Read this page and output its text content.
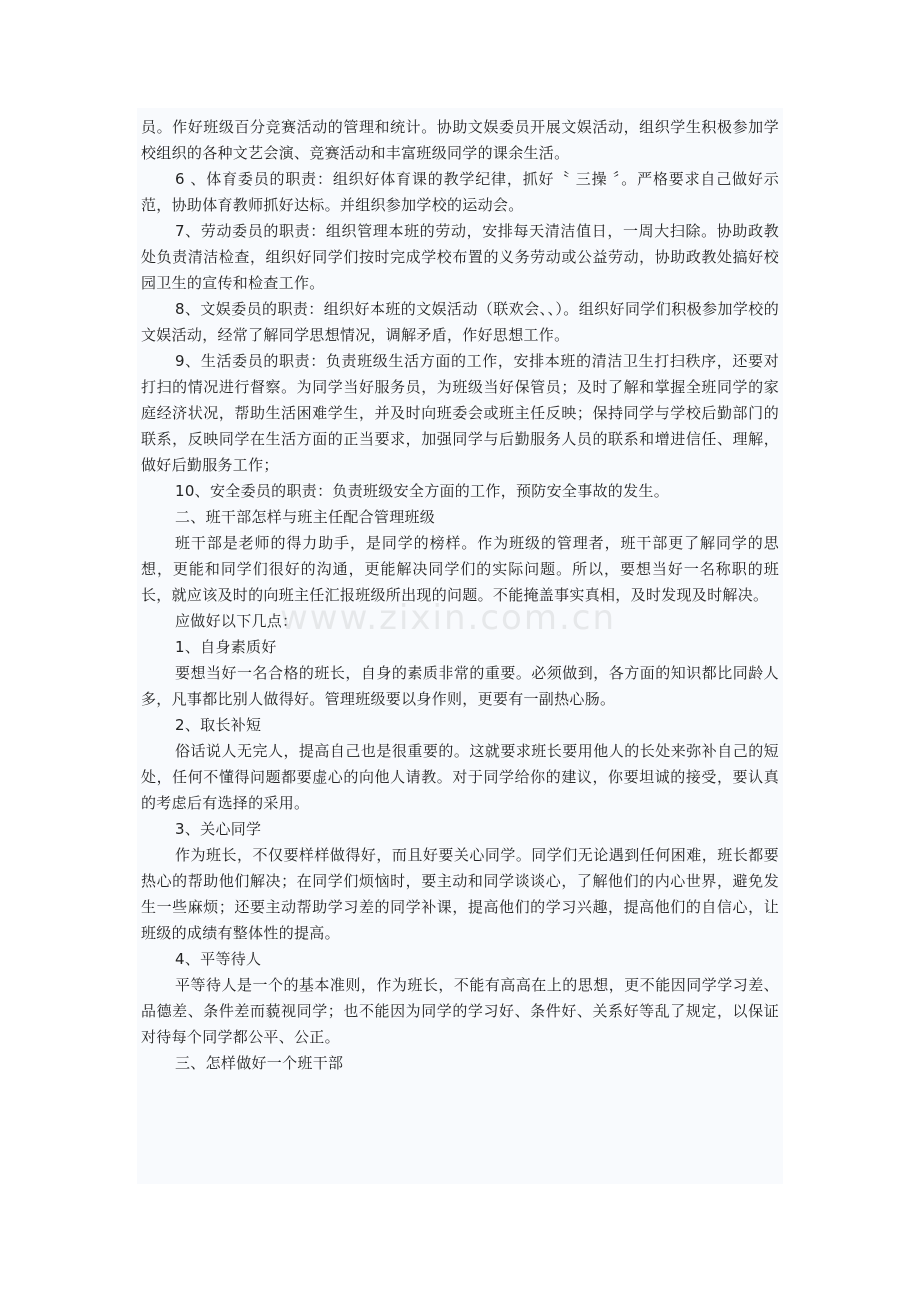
员。作好班级百分竞赛活动的管理和统计。协助文娱委员开展文娱活动，组织学生积极参加学校组织的各种文艺会演、竞赛活动和丰富班级同学的课余生活。

6 、体育委员的职责：组织好体育课的教学纪律，抓好〝 三操 〞。严格要求自己做好示范，协助体育教师抓好达标。并组织参加学校的运动会。

7、劳动委员的职责：组织管理本班的劳动，安排每天清洁值日，一周大扫除。协助政教处负责清洁检查，组织好同学们按时完成学校布置的义务劳动或公益劳动，协助政教处搞好校园卫生的宣传和检查工作。

8、文娱委员的职责：组织好本班的文娱活动（联欢会、、）。组织好同学们积极参加学校的文娱活动，经常了解同学思想情况，调解矛盾，作好思想工作。

9、生活委员的职责：负责班级生活方面的工作，安排本班的清洁卫生打扫秩序，还要对打扫的情况进行督察。为同学当好服务员，为班级当好保管员；及时了解和掌握全班同学的家庭经济状况，帮助生活困难学生，并及时向班委会或班主任反映；保持同学与学校后勤部门的联系，反映同学在生活方面的正当要求，加强同学与后勤服务人员的联系和增进信任、理解，做好后勤服务工作；

10、安全委员的职责：负责班级安全方面的工作，预防安全事故的发生。

二、班干部怎样与班主任配合管理班级

班干部是老师的得力助手，是同学的榜样。作为班级的管理者，班干部更了解同学的思想，更能和同学们很好的沟通，更能解决同学们的实际问题。所以，要想当好一名称职的班长，就应该及时的向班主任汇报班级所出现的问题。不能掩盖事实真相，及时发现及时解决。

应做好以下几点：

1、自身素质好

要想当好一名合格的班长，自身的素质非常的重要。必须做到，各方面的知识都比同龄人多，凡事都比别人做得好。管理班级要以身作则，更要有一副热心肠。

2、取长补短

俗话说人无完人，提高自己也是很重要的。这就要求班长要用他人的长处来弥补自己的短处，任何不懂得问题都要虚心的向他人请教。对于同学给你的建议，你要坦诚的接受，要认真的考虑后有选择的采用。

3、关心同学

作为班长，不仅要样样做得好，而且好要关心同学。同学们无论遇到任何困难，班长都要热心的帮助他们解决；在同学们烦恼时，要主动和同学谈谈心，了解他们的内心世界，避免发生一些麻烦；还要主动帮助学习差的同学补课，提高他们的学习兴趣，提高他们的自信心，让班级的成绩有整体性的提高。

4、平等待人

平等待人是一个的基本准则，作为班长，不能有高高在上的思想，更不能因同学学习差、品德差、条件差而藐视同学；也不能因为同学的学习好、条件好、关系好等乱了规定，以保证对待每个同学都公平、公正。

三、怎样做好一个班干部
